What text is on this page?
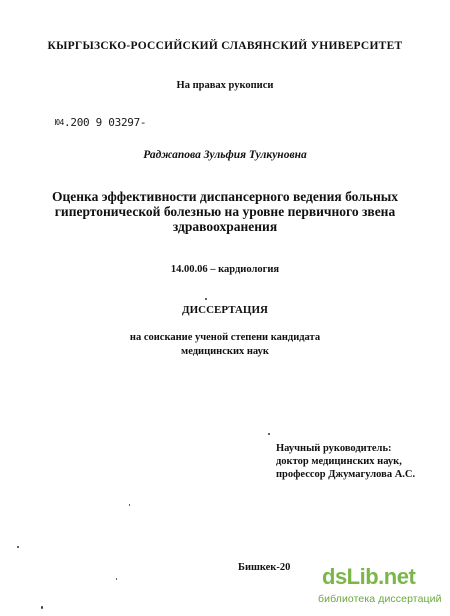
КЫРГЫЗСКО-РОССИЙСКИЙ СЛАВЯНСКИЙ УНИВЕРСИТЕТ
На правах рукописи
Ю4.200 9 03297-
Раджапова Зульфия Тулкуновна
Оценка эффективности диспансерного ведения больных
гипертонической болезнью на уровне первичного звена
здравоохранения
14.00.06 – кардиология
ДИССЕРТАЦИЯ
на соискание ученой степени кандидата
медицинских наук
Научный руководитель:
доктор медицинских наук,
профессор Джумагулова А.С.
Бишкек-20 dsLib.net
библиотека диссертаций
